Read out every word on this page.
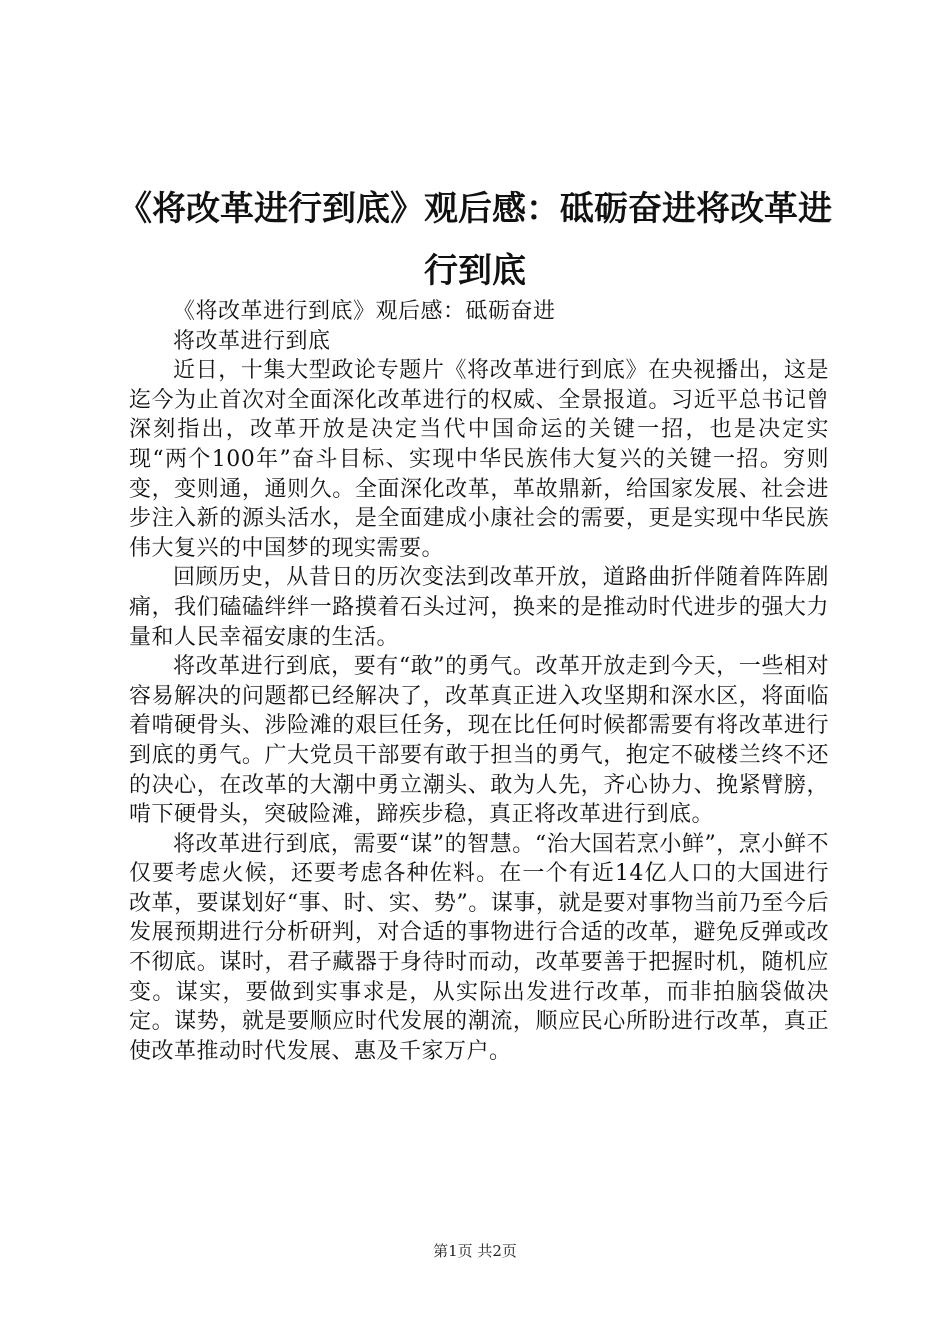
《将改革进行到底》观后感：砥砺奋进将改革进行到底

《将改革进行到底》观后感：砥砺奋进

将改革进行到底

近日，十集大型政论专题片《将改革进行到底》在央视播出，这是迄今为止首次对全面深化改革进行的权威、全景报道。习近平总书记曾深刻指出，改革开放是决定当代中国命运的关键一招，也是决定实现“两个100年”奋斗目标、实现中华民族伟大复兴的关键一招。穷则变，变则通，通则久。全面深化改革，革故鼎新，给国家发展、社会进步注入新的源头活水，是全面建成小康社会的需要，更是实现中华民族伟大复兴的中国梦的现实需要。

回顾历史，从昔日的历次变法到改革开放，道路曲折伴随着阵阵剧痛，我们磕磕绊绊一路摸着石头过河，换来的是推动时代进步的强大力量和人民幸福安康的生活。

将改革进行到底，要有“敢”的勇气。改革开放走到今天，一些相对容易解决的问题都已经解决了，改革真正进入攻坚期和深水区，将面临着啃硬骨头、涉险滩的艰巨任务，现在比任何时候都需要有将改革进行到底的勇气。广大党员干部要有敢于担当的勇气，抱定不破楼兰终不还的决心，在改革的大潮中勇立潮头、敢为人先，齐心协力、挽紧臂膀，啃下硬骨头，突破险滩，蹄疾步稳，真正将改革进行到底。

将改革进行到底，需要“谋”的智慧。“治大国若烹小鲜”，烹小鲜不仅要考虑火候，还要考虑各种佐料。在一个有近14亿人口的大国进行改革，要谋划好“事、时、实、势”。谋事，就是要对事物当前乃至今后发展预期进行分析研判，对合适的事物进行合适的改革，避免反弹或改不彻底。谋时，君子藏器于身待时而动，改革要善于把握时机，随机应变。谋实，要做到实事求是，从实际出发进行改革，而非拍脑袋做决定。谋势，就是要顺应时代发展的潮流，顺应民心所盼进行改革，真正使改革推动时代发展、惠及千家万户。

第1页 共2页
